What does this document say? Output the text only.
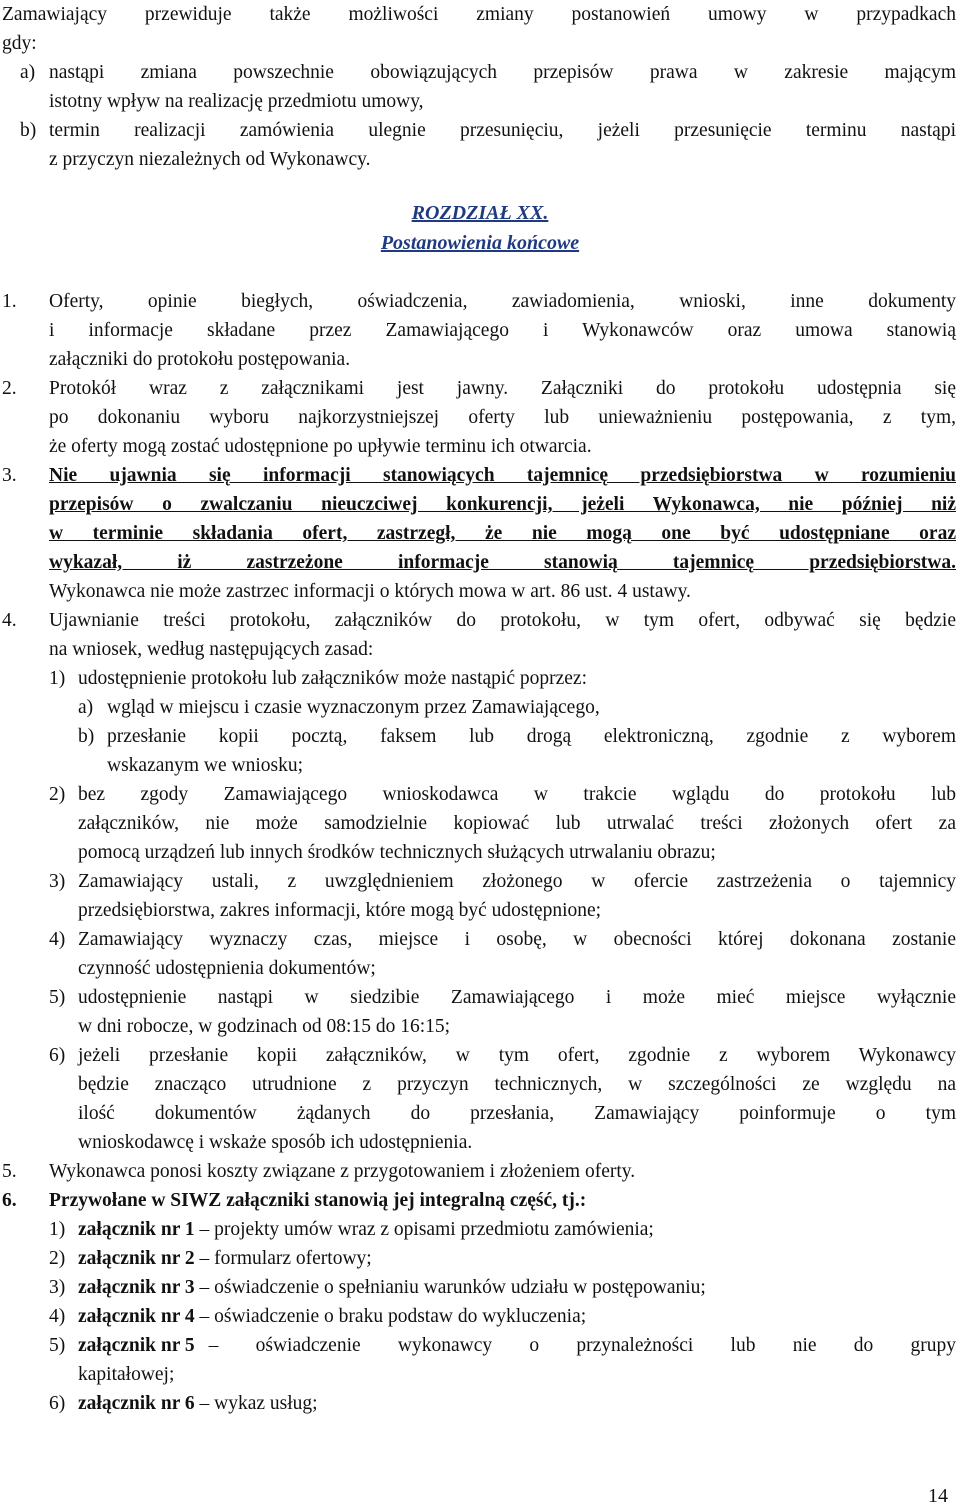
Zamawiający przewiduje także możliwości zmiany postanowień umowy w przypadkach
gdy:
a) nastąpi zmiana powszechnie obowiązujących przepisów prawa w zakresie mającym
istotny wpływ na realizację przedmiotu umowy,
b) termin realizacji zamówienia ulegnie przesunięciu, jeżeli przesunięcie terminu nastąpi
z przyczyn niezależnych od Wykonawcy.
ROZDZIAŁ XX.
Postanowienia końcowe
1. Oferty, opinie biegłych, oświadczenia, zawiadomienia, wnioski, inne dokumenty
i informacje składane przez Zamawiającego i Wykonawców oraz umowa stanowią
załączniki do protokołu postępowania.
2. Protokół wraz z załącznikami jest jawny. Załączniki do protokołu udostępnia się
po dokonaniu wyboru najkorzystniejszej oferty lub unieważnieniu postępowania, z tym,
że oferty mogą zostać udostępnione po upływie terminu ich otwarcia.
3. Nie ujawnia się informacji stanowiących tajemnicę przedsiębiorstwa w rozumieniu
przepisów o zwalczaniu nieuczciwej konkurencji, jeżeli Wykonawca, nie później niż
w terminie składania ofert, zastrzegł, że nie mogą one być udostępniane oraz
wykazał, iż zastrzeżone informacje stanowią tajemnicę przedsiębiorstwa.
Wykonawca nie może zastrzec informacji o których mowa w art. 86 ust. 4 ustawy.
4. Ujawnianie treści protokołu, załączników do protokołu, w tym ofert, odbywać się będzie
na wniosek, według następujących zasad:
1) udostępnienie protokołu lub załączników może nastąpić poprzez:
a) wgląd w miejscu i czasie wyznaczonym przez Zamawiającego,
b) przesłanie kopii pocztą, faksem lub drogą elektroniczną, zgodnie z wyborem
wskazanym we wniosku;
2) bez zgody Zamawiającego wnioskodawca w trakcie wglądu do protokołu lub
załączników, nie może samodzielnie kopiować lub utrwalać treści złożonych ofert za
pomocą urządzeń lub innych środków technicznych służących utrwalaniu obrazu;
3) Zamawiający ustali, z uwzględnieniem złożonego w ofercie zastrzeżenia o tajemnicy
przedsiębiorstwa, zakres informacji, które mogą być udostępnione;
4) Zamawiający wyznaczy czas, miejsce i osobę, w obecności której dokonana zostanie
czynność udostępnienia dokumentów;
5) udostępnienie nastąpi w siedzibie Zamawiającego i może mieć miejsce wyłącznie
w dni robocze, w godzinach od 08:15 do 16:15;
6) jeżeli przesłanie kopii załączników, w tym ofert, zgodnie z wyborem Wykonawcy
będzie znacząco utrudnione z przyczyn technicznych, w szczególności ze względu na
ilość dokumentów żądanych do przesłania, Zamawiający poinformuje o tym
wnioskodawcę i wskaże sposób ich udostępnienia.
5. Wykonawca ponosi koszty związane z przygotowaniem i złożeniem oferty.
6. Przywołane w SIWZ załączniki stanowią jej integralną część, tj.:
1) załącznik nr 1 – projekty umów wraz z opisami przedmiotu zamówienia;
2) załącznik nr 2 – formularz ofertowy;
3) załącznik nr 3 – oświadczenie o spełnianiu warunków udziału w postępowaniu;
4) załącznik nr 4 – oświadczenie o braku podstaw do wykluczenia;
5) załącznik nr 5 – oświadczenie wykonawcy o przynależności lub nie do grupy
kapitałowej;
6) załącznik nr 6 – wykaz usług;
14
